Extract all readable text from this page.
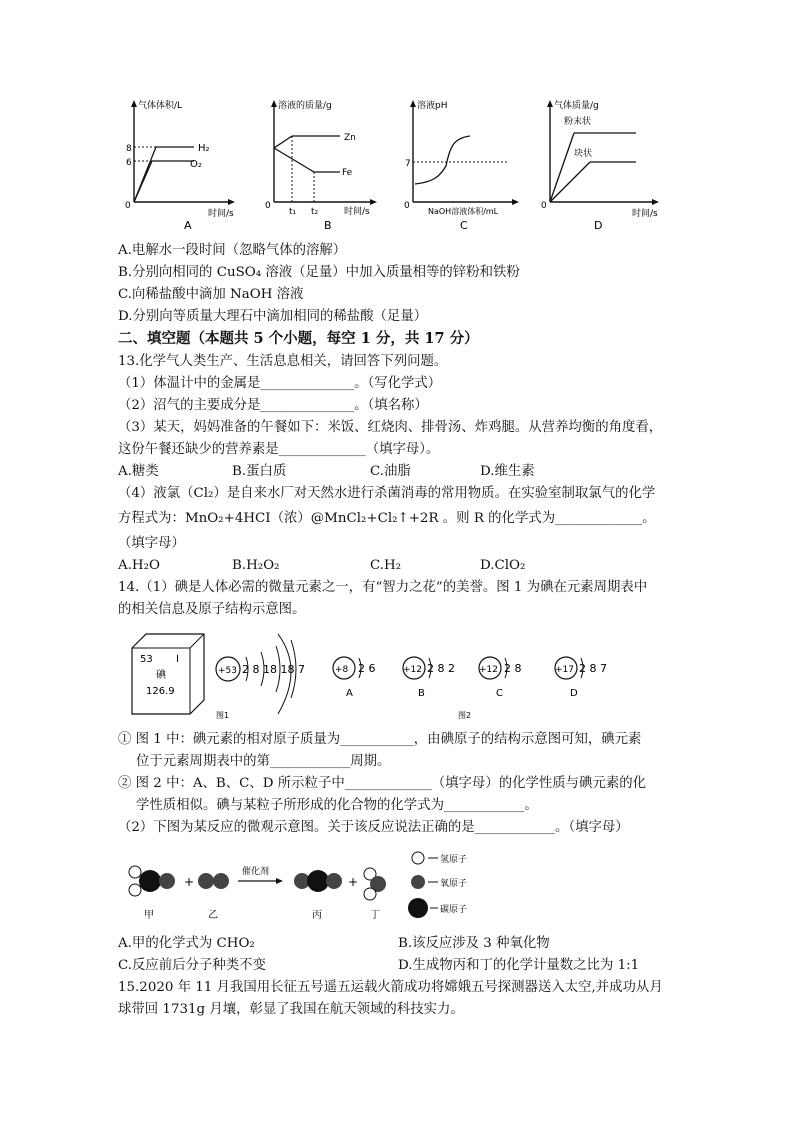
气体体积/L
8
6
H₂
O₂
0
时间/s
A
溶液的质量/g
Zn
Fe
0
t₁ t₂	时间/s
B
溶液pH
7
0
NaOH溶液体积/mL
C
气体质量/g
粉末状
块状
0
时间/s
D
A.电解水一段时间（忽略气体的溶解）
B.分别向相同的 CuSO₄ 溶液（足量）中加入质量相等的锌粉和铁粉
C.向稀盐酸中滴加 NaOH 溶液
D.分别向等质量大理石中滴加相同的稀盐酸（足量）
二、填空题（本题共 5 个小题，每空 1 分，共 17 分）
13.化学气人类生产、生活息息相关，请回答下列问题。
（1）体温计中的金属是______________。（写化学式）
（2）沼气的主要成分是______________。（填名称）
（3）某天，妈妈准备的午餐如下：米饭、红烧肉、排骨汤、炸鸡腿。从营养均衡的角度看，
这份午餐还缺少的营养素是_____________（填字母）。
A.糖类	B.蛋白质	C.油脂	D.维生素
（4）液氯（Cl₂）是自来水厂对天然水进行杀菌消毒的常用物质。在实验室制取氯气的化学
方程式为：MnO₂+4HCI（浓）@MnCl₂+Cl₂↑+2R 。则 R 的化学式为_____________。
（填字母）
A.H₂O	B.H₂O₂	C.H₂	D.ClO₂
14.（1）碘是人体必需的微量元素之一，有“智力之花”的美誉。图 1 为碘在元素周期表中
的相关信息及原子结构示意图。
53 I
碘
126.9
+53 2 8 18 18 7
图1
+8 2 6
A
+12 2 8 2
B
+12 2 8
C
+17 2 8 7
D
图2
① 图 1 中：碘元素的相对原子质量为___________，由碘原子的结构示意图可知，碘元素
位于元素周期表中的第____________周期。
② 图 2 中：A、B、C、D 所示粒子中_____________（填字母）的化学性质与碘元素的化
学性质相似。碘与某粒子所形成的化合物的化学式为____________。
（2）下图为某反应的微观示意图。关于该反应说法正确的是____________。（填字母）
甲
+
乙
催化剂
丙
+
丁
氢原子
氧原子
碳原子
A.甲的化学式为 CHO₂	B.该反应涉及 3 种氧化物
C.反应前后分子种类不变	D.生成物丙和丁的化学计量数之比为 1:1
15.2020 年 11 月我国用长征五号遥五运载火箭成功将嫦娥五号探测器送入太空,并成功从月
球带回 1731g 月壤，彰显了我国在航天领域的科技实力。
